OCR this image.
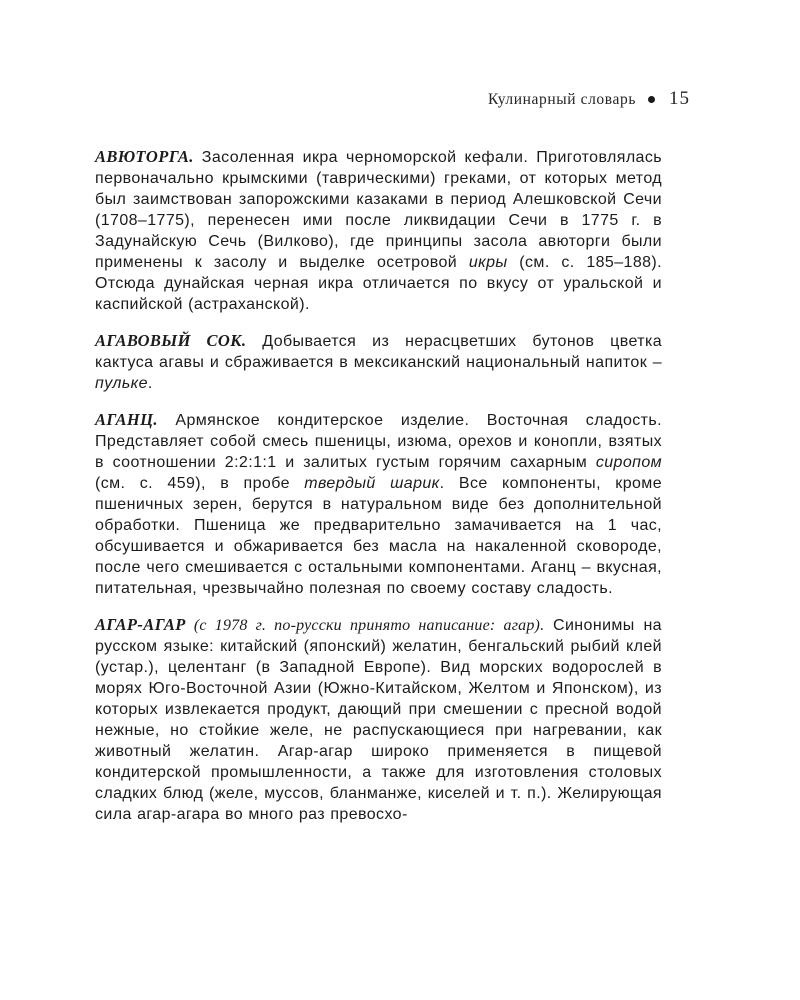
Кулинарный словарь 15

АВЮТОРГА. Засоленная икра черноморской кефали. Приготовлялась первоначально крымскими (таврическими) греками, от которых метод был заимствован запорожскими казаками в период Алешковской Сечи (1708–1775), перенесен ими после ликвидации Сечи в 1775 г. в Задунайскую Сечь (Вилково), где принципы засола авюторги были применены к засолу и выделке осетровой икры (см. с. 185–188). Отсюда дунайская черная икра отличается по вкусу от уральской и каспийской (астраханской).

АГАВОВЫЙ СОК. Добывается из нерасцветших бутонов цветка кактуса агавы и сбраживается в мексиканский национальный напиток – пульке.

АГАНЦ. Армянское кондитерское изделие. Восточная сладость. Представляет собой смесь пшеницы, изюма, орехов и конопли, взятых в соотношении 2:2:1:1 и залитых густым горячим сахарным сиропом (см. с. 459), в пробе твердый шарик. Все компоненты, кроме пшеничных зерен, берутся в натуральном виде без дополнительной обработки. Пшеница же предварительно замачивается на 1 час, обсушивается и обжаривается без масла на накаленной сковороде, после чего смешивается с остальными компонентами. Аганц – вкусная, питательная, чрезвычайно полезная по своему составу сладость.

АГАР-АГАР (с 1978 г. по-русски принято написание: агар). Синонимы на русском языке: китайский (японский) желатин, бенгальский рыбий клей (устар.), целентанг (в Западной Европе). Вид морских водорослей в морях Юго-Восточной Азии (Южно-Китайском, Желтом и Японском), из которых извлекается продукт, дающий при смешении с пресной водой нежные, но стойкие желе, не распускающиеся при нагревании, как животный желатин. Агар-агар широко применяется в пищевой кондитерской промышленности, а также для изготовления столовых сладких блюд (желе, муссов, бланманже, киселей и т. п.). Желирующая сила агар-агара во много раз превосхо-
